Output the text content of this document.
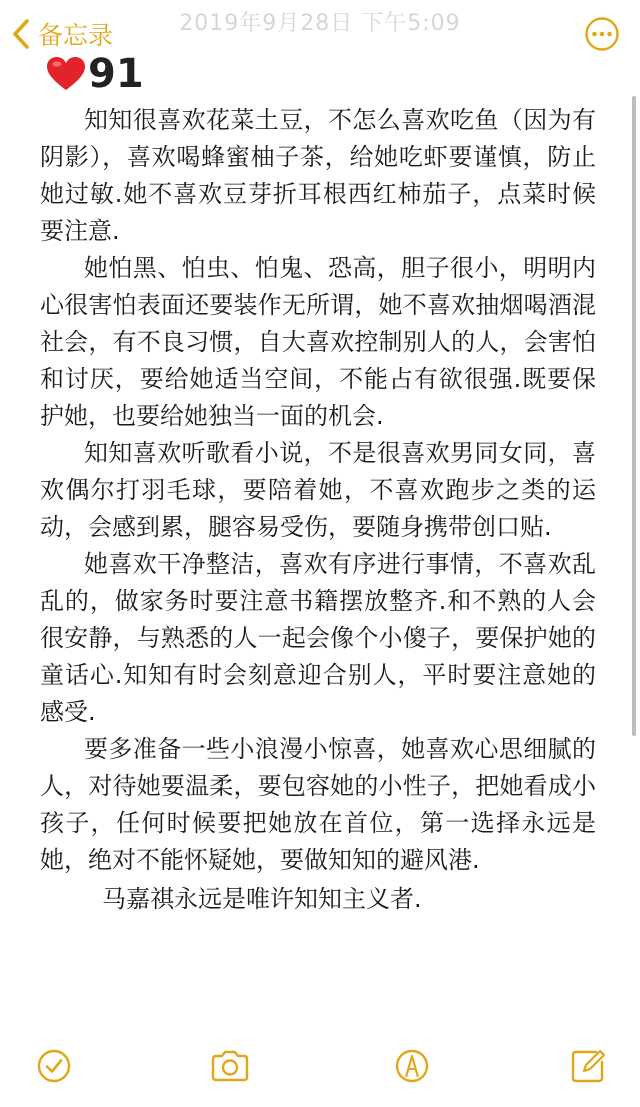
2019年9月28日 下午5:09
备忘录
91

知知很喜欢花菜土豆，不怎么喜欢吃鱼（因为有阴影），喜欢喝蜂蜜柚子茶，给她吃虾要谨慎，防止她过敏.她不喜欢豆芽折耳根西红柿茄子，点菜时候要注意.

她怕黑、怕虫、怕鬼、恐高，胆子很小，明明内心很害怕表面还要装作无所谓，她不喜欢抽烟喝酒混社会，有不良习惯，自大喜欢控制别人的人，会害怕和讨厌，要给她适当空间，不能占有欲很强.既要保护她，也要给她独当一面的机会.

知知喜欢听歌看小说，不是很喜欢男同女同，喜欢偶尔打羽毛球，要陪着她，不喜欢跑步之类的运动，会感到累，腿容易受伤，要随身携带创口贴.

她喜欢干净整洁，喜欢有序进行事情，不喜欢乱乱的，做家务时要注意书籍摆放整齐.和不熟的人会很安静，与熟悉的人一起会像个小傻子，要保护她的童话心.知知有时会刻意迎合别人，平时要注意她的感受.

要多准备一些小浪漫小惊喜，她喜欢心思细腻的人，对待她要温柔，要包容她的小性子，把她看成小孩子，任何时候要把她放在首位，第一选择永远是她，绝对不能怀疑她，要做知知的避风港.

马嘉祺永远是唯许知知主义者.
